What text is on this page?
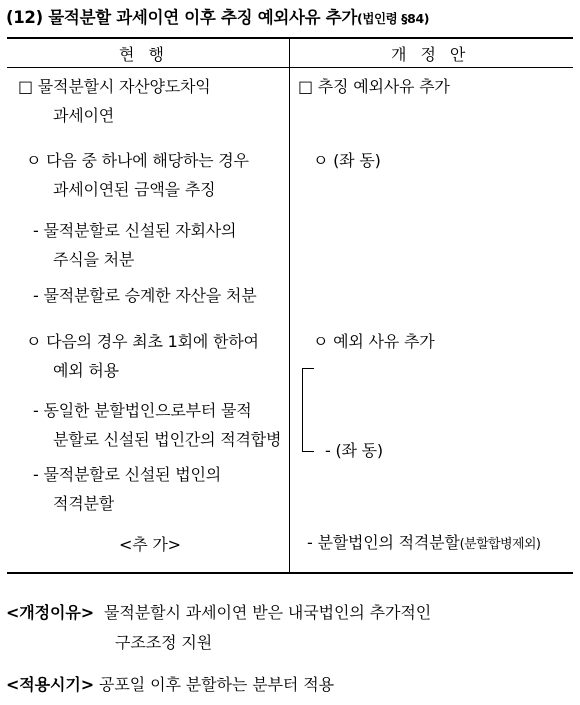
(12) 물적분할 과세이연 이후 추징 예외사유 추가(법인령 §84)
현행	개정안
□ 물적분할시 자산양도차익
과세이연
ㅇ 다음 중 하나에 해당하는 경우
과세이연된 금액을 추징
- 물적분할로 신설된 자회사의
주식을 처분
- 물적분할로 승계한 자산을 처분
ㅇ 다음의 경우 최초 1회에 한하여
예외 허용
- 동일한 분할법인으로부터 물적
분할로 신설된 법인간의 적격합병
- 물적분할로 신설된 법인의
적격분할
<추 가>
□ 추징 예외사유 추가
ㅇ (좌 동)
ㅇ 예외 사유 추가
- (좌 동)
- 분할법인의 적격분할(분할합병제외)
<개정이유> 물적분할시 과세이연 받은 내국법인의 추가적인
구조조정 지원
<적용시기> 공포일 이후 분할하는 분부터 적용
